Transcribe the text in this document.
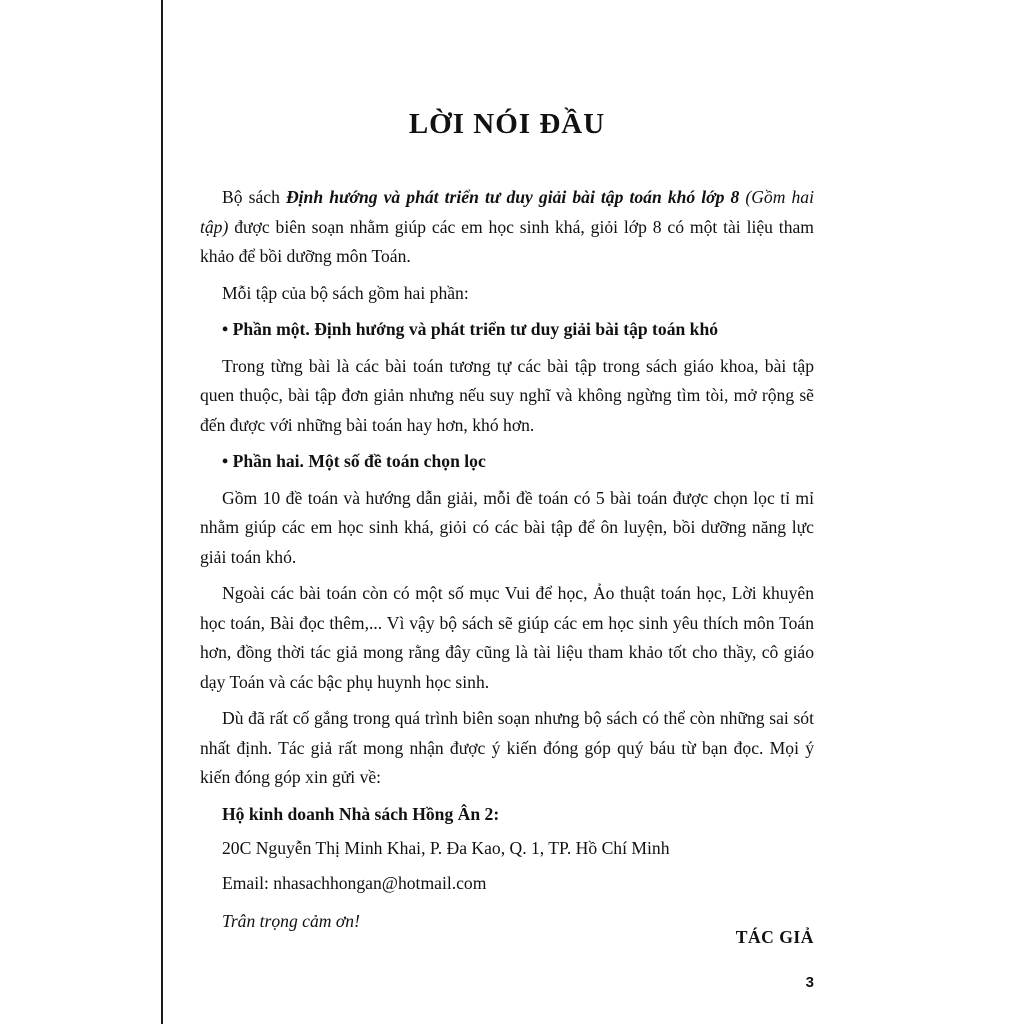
LỜI NÓI ĐẦU

Bộ sách Định hướng và phát triển tư duy giải bài tập toán khó lớp 8 (Gồm hai tập) được biên soạn nhằm giúp các em học sinh khá, giỏi lớp 8 có một tài liệu tham khảo để bồi dưỡng môn Toán.

Mỗi tập của bộ sách gồm hai phần:

• Phần một. Định hướng và phát triển tư duy giải bài tập toán khó

Trong từng bài là các bài toán tương tự các bài tập trong sách giáo khoa, bài tập quen thuộc, bài tập đơn giản nhưng nếu suy nghĩ và không ngừng tìm tòi, mở rộng sẽ đến được với những bài toán hay hơn, khó hơn.

• Phần hai. Một số đề toán chọn lọc

Gồm 10 đề toán và hướng dẫn giải, mỗi đề toán có 5 bài toán được chọn lọc tỉ mỉ nhằm giúp các em học sinh khá, giỏi có các bài tập để ôn luyện, bồi dưỡng năng lực giải toán khó.

Ngoài các bài toán còn có một số mục Vui để học, Ảo thuật toán học, Lời khuyên học toán, Bài đọc thêm,... Vì vậy bộ sách sẽ giúp các em học sinh yêu thích môn Toán hơn, đồng thời tác giả mong rằng đây cũng là tài liệu tham khảo tốt cho thầy, cô giáo dạy Toán và các bậc phụ huynh học sinh.

Dù đã rất cố gắng trong quá trình biên soạn nhưng bộ sách có thể còn những sai sót nhất định. Tác giả rất mong nhận được ý kiến đóng góp quý báu từ bạn đọc. Mọi ý kiến đóng góp xin gửi về:

Hộ kinh doanh Nhà sách Hồng Ân 2:

20C Nguyễn Thị Minh Khai, P. Đa Kao, Q. 1, TP. Hồ Chí Minh

Email: nhasachhongan@hotmail.com

Trân trọng cảm ơn!

TÁC GIẢ
3
